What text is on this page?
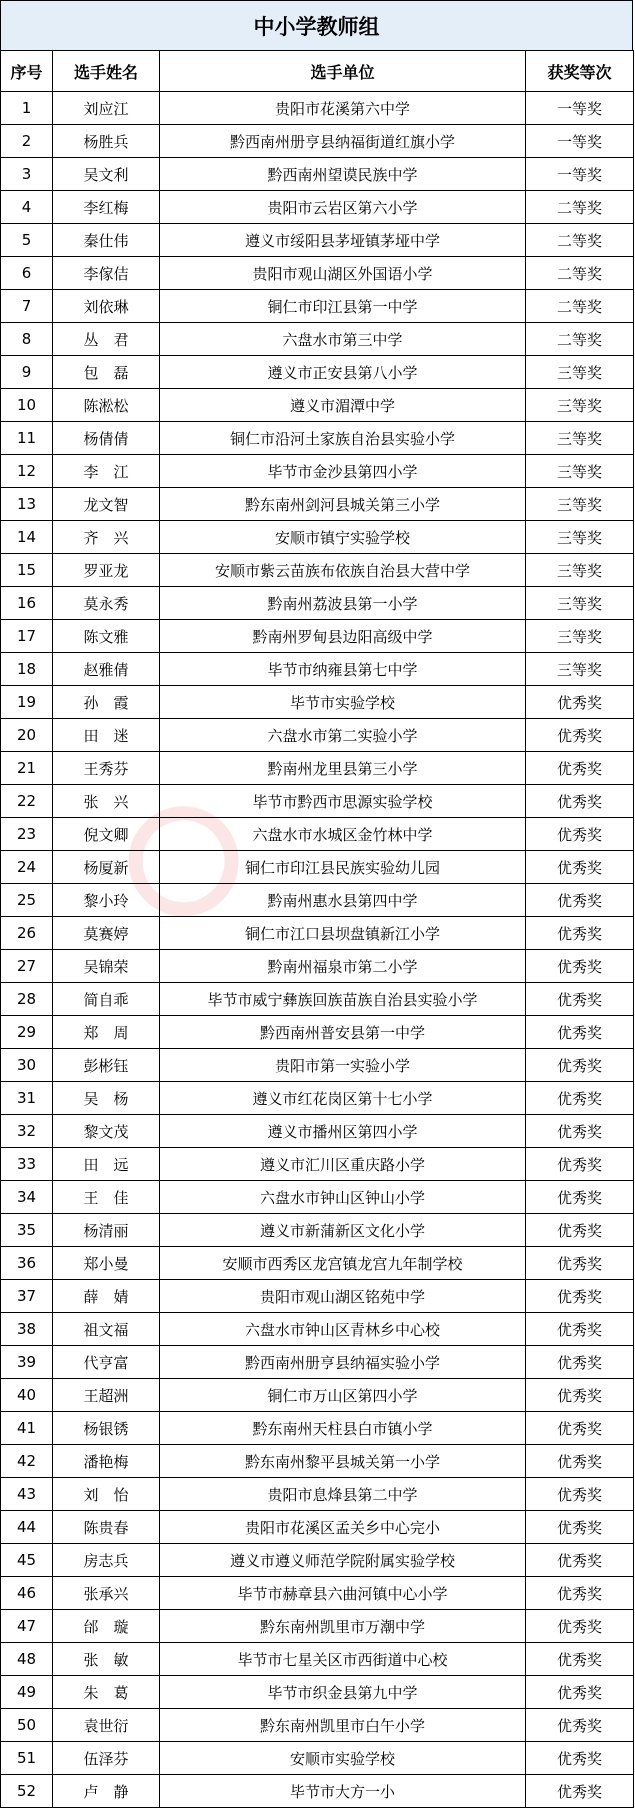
中小学教师组
序号	选手姓名	选手单位	获奖等次
1	刘应江	贵阳市花溪第六中学	一等奖
2	杨胜兵	黔西南州册亨县纳福街道红旗小学	一等奖
3	吴文利	黔西南州望谟民族中学	一等奖
4	李红梅	贵阳市云岩区第六小学	二等奖
5	秦仕伟	遵义市绥阳县茅垭镇茅垭中学	二等奖
6	李傢佶	贵阳市观山湖区外国语小学	二等奖
7	刘依琳	铜仁市印江县第一中学	二等奖
8	丛　君	六盘水市第三中学	二等奖
9	包　磊	遵义市正安县第八小学	三等奖
10	陈淞松	遵义市湄潭中学	三等奖
11	杨倩倩	铜仁市沿河土家族自治县实验小学	三等奖
12	李　江	毕节市金沙县第四小学	三等奖
13	龙文智	黔东南州剑河县城关第三小学	三等奖
14	齐　兴	安顺市镇宁实验学校	三等奖
15	罗亚龙	安顺市紫云苗族布依族自治县大营中学	三等奖
16	莫永秀	黔南州荔波县第一小学	三等奖
17	陈文雅	黔南州罗甸县边阳高级中学	三等奖
18	赵雅倩	毕节市纳雍县第七中学	三等奖
19	孙　霞	毕节市实验学校	优秀奖
20	田　迷	六盘水市第二实验小学	优秀奖
21	王秀芬	黔南州龙里县第三小学	优秀奖
22	张　兴	毕节市黔西市思源实验学校	优秀奖
23	倪文卿	六盘水市水城区金竹林中学	优秀奖
24	杨厦新	铜仁市印江县民族实验幼儿园	优秀奖
25	黎小玲	黔南州惠水县第四中学	优秀奖
26	莫赛婷	铜仁市江口县坝盘镇新江小学	优秀奖
27	吴锦荣	黔南州福泉市第二小学	优秀奖
28	简自乖	毕节市威宁彝族回族苗族自治县实验小学	优秀奖
29	郑　周	黔西南州普安县第一中学	优秀奖
30	彭彬钰	贵阳市第一实验小学	优秀奖
31	吴　杨	遵义市红花岗区第十七小学	优秀奖
32	黎文茂	遵义市播州区第四小学	优秀奖
33	田　远	遵义市汇川区重庆路小学	优秀奖
34	王　佳	六盘水市钟山区钟山小学	优秀奖
35	杨清丽	遵义市新蒲新区文化小学	优秀奖
36	郑小曼	安顺市西秀区龙宫镇龙宫九年制学校	优秀奖
37	薛　婧	贵阳市观山湖区铭苑中学	优秀奖
38	祖文福	六盘水市钟山区青林乡中心校	优秀奖
39	代亨富	黔西南州册亨县纳福实验小学	优秀奖
40	王超洲	铜仁市万山区第四小学	优秀奖
41	杨银锈	黔东南州天柱县白市镇小学	优秀奖
42	潘艳梅	黔东南州黎平县城关第一小学	优秀奖
43	刘　怡	贵阳市息烽县第二中学	优秀奖
44	陈贵春	贵阳市花溪区孟关乡中心完小	优秀奖
45	房志兵	遵义市遵义师范学院附属实验学校	优秀奖
46	张承兴	毕节市赫章县六曲河镇中心小学	优秀奖
47	邰　璇	黔东南州凯里市万潮中学	优秀奖
48	张　敏	毕节市七星关区市西街道中心校	优秀奖
49	朱　葛	毕节市织金县第九中学	优秀奖
50	袁世衍	黔东南州凯里市白午小学	优秀奖
51	伍泽芬	安顺市实验学校	优秀奖
52	卢　静	毕节市大方一小	优秀奖
